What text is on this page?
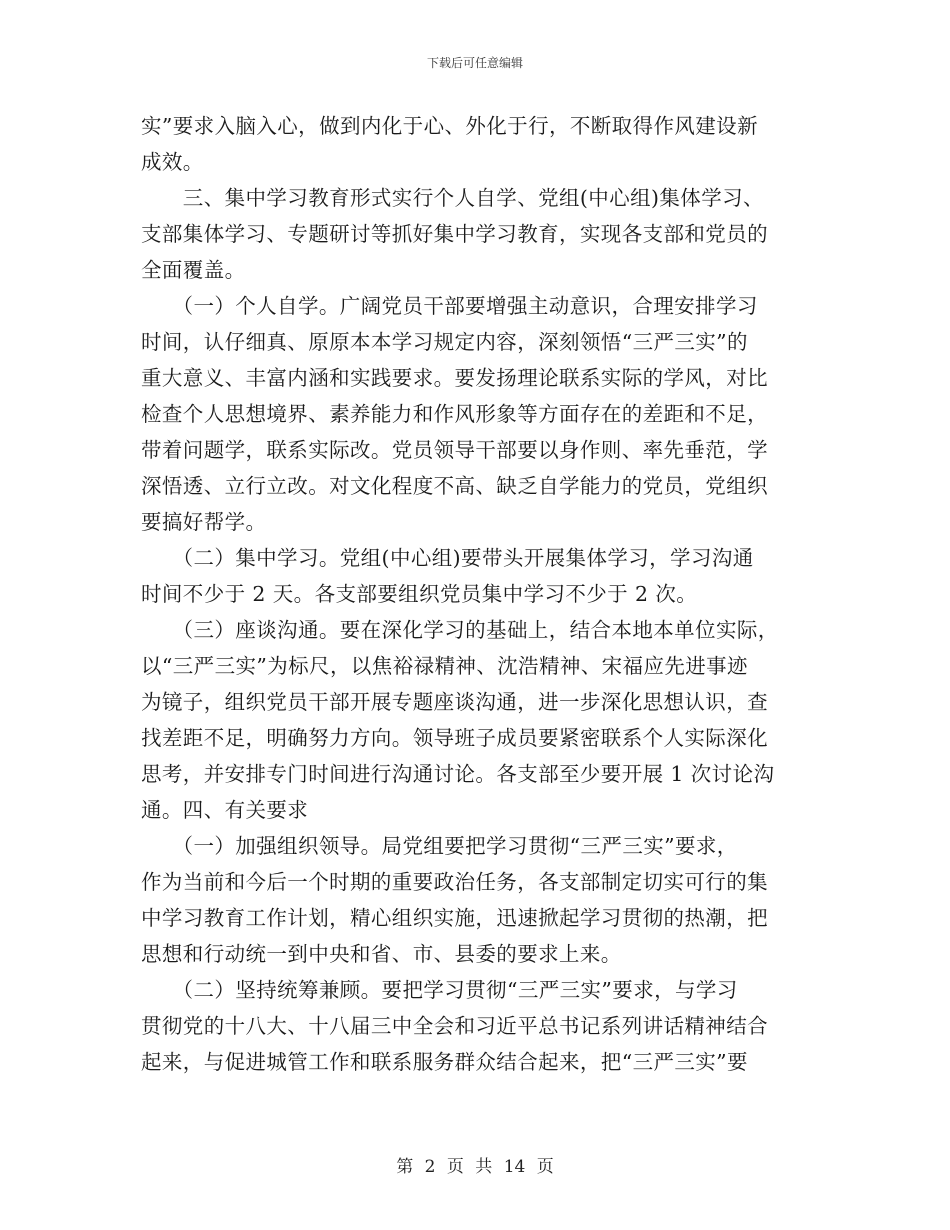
下载后可任意编辑
实”要求入脑入心，做到内化于心、外化于行，不断取得作风建设新
成效。
　　三、集中学习教育形式实行个人自学、党组(中心组)集体学习、
支部集体学习、专题研讨等抓好集中学习教育，实现各支部和党员的
全面覆盖。
　　（一）个人自学。广阔党员干部要增强主动意识，合理安排学习
时间，认仔细真、原原本本学习规定内容，深刻领悟“三严三实”的
重大意义、丰富内涵和实践要求。要发扬理论联系实际的学风，对比
检查个人思想境界、素养能力和作风形象等方面存在的差距和不足，
带着问题学，联系实际改。党员领导干部要以身作则、率先垂范，学
深悟透、立行立改。对文化程度不高、缺乏自学能力的党员，党组织
要搞好帮学。
　　（二）集中学习。党组(中心组)要带头开展集体学习，学习沟通
时间不少于 2 天。各支部要组织党员集中学习不少于 2 次。
　　（三）座谈沟通。要在深化学习的基础上，结合本地本单位实际，
以“三严三实”为标尺，以焦裕禄精神、沈浩精神、宋福应先进事迹
为镜子，组织党员干部开展专题座谈沟通，进一步深化思想认识，查
找差距不足，明确努力方向。领导班子成员要紧密联系个人实际深化
思考，并安排专门时间进行沟通讨论。各支部至少要开展 1 次讨论沟
通。四、有关要求
　　（一）加强组织领导。局党组要把学习贯彻“三严三实”要求，
作为当前和今后一个时期的重要政治任务，各支部制定切实可行的集
中学习教育工作计划，精心组织实施，迅速掀起学习贯彻的热潮，把
思想和行动统一到中央和省、市、县委的要求上来。
　　（二）坚持统筹兼顾。要把学习贯彻“三严三实”要求，与学习
贯彻党的十八大、十八届三中全会和习近平总书记系列讲话精神结合
起来，与促进城管工作和联系服务群众结合起来，把“三严三实”要
第 2 页 共 14 页
